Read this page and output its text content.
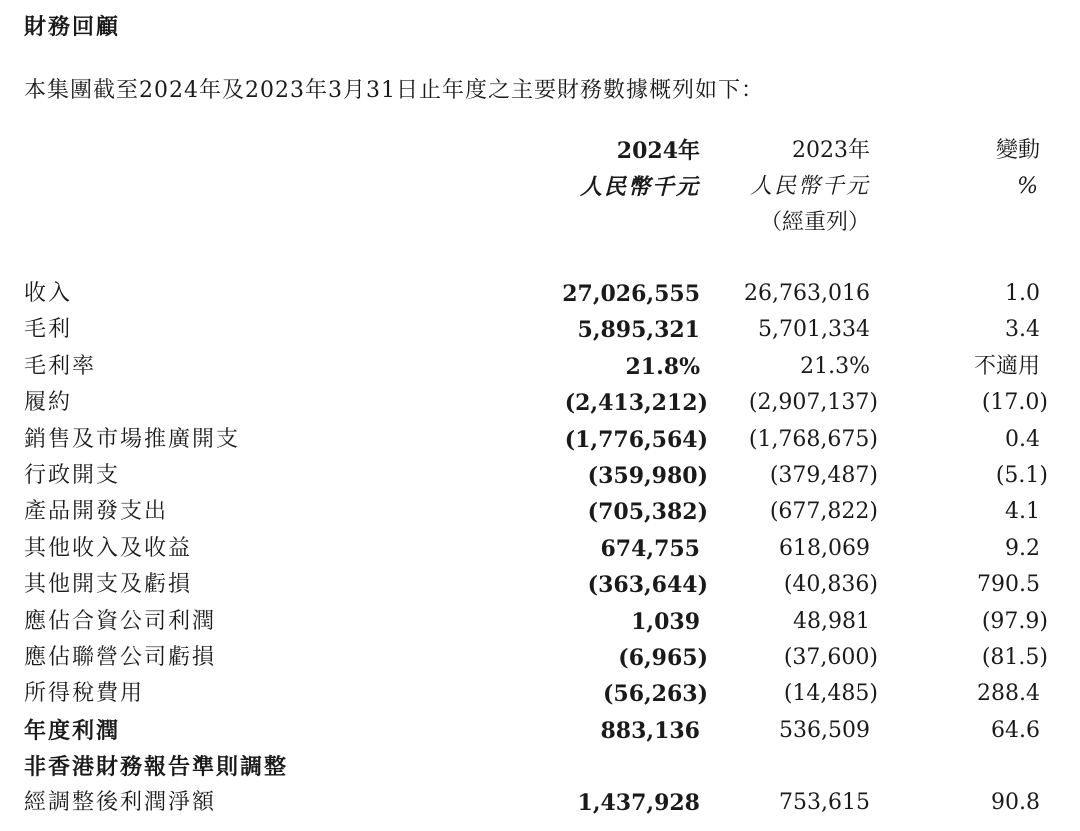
財務回顧

本集團截至2024年及2023年3月31日止年度之主要財務數據概列如下：

2024年
人民幣千元
2023年
人民幣千元
（經重列）
變動
%
收入	27,026,555 26,763,016	1.0
毛利	5,895,321	5,701,334	3.4
毛利率	21.8%	21.3%	不適用
履約	(2,413,212) (2,907,137)	(17.0)
銷售及市場推廣開支	(1,776,564) (1,768,675)	0.4
行政開支	(359,980)	(379,487)	(5.1)
產品開發支出	(705,382)	(677,822)	4.1
其他收入及收益	674,755	618,069	9.2
其他開支及虧損	(363,644)	(40,836)	790.5
應佔合資公司利潤	1,039	48,981	(97.9)
應佔聯營公司虧損	(6,965)	(37,600)	(81.5)
所得稅費用	(56,263)	(14,485)	288.4
年度利潤	883,136	536,509	64.6
非香港財務報告準則調整
經調整後利潤淨額	1,437,928	753,615	90.8
